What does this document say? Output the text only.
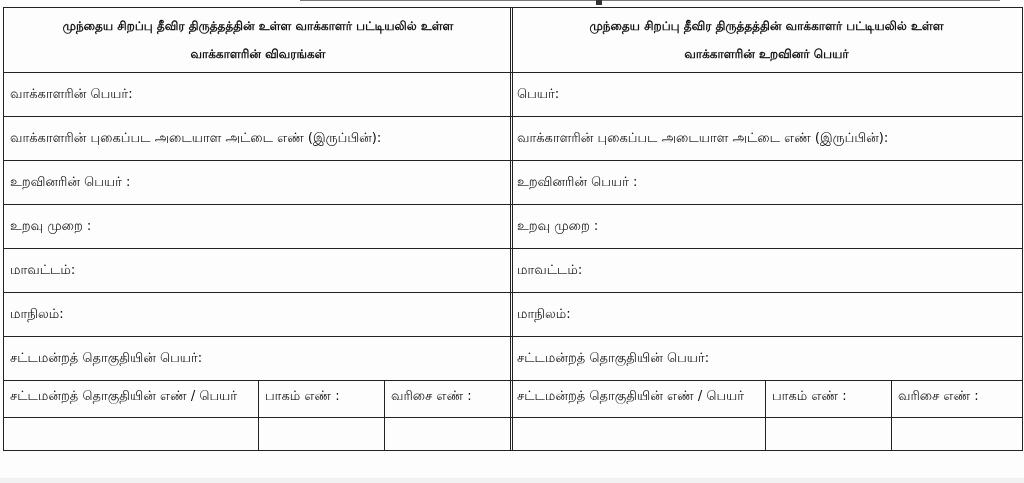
முந்தைய சிறப்பு தீவிர திருத்தத்தின் உள்ள வாக்காளர் பட்டியலில் உள்ள
வாக்காளரின் விவரங்கள்		
வாக்காளரின் பெயர்:		
வாக்காளரின் புகைப்பட அடையாள அட்டை எண் (இருப்பின்):		
உறவினரின் பெயர் :		
உறவு முறை :		
மாவட்டம்:		
மாநிலம்:		
சட்டமன்றத் தொகுதியின் பெயர்:		
சட்டமன்றத் தொகுதியின் எண் / பெயர்	பாகம் எண் :	வரிசை எண் :

முந்தைய சிறப்பு தீவிர திருத்தத்தின் வாக்காளர் பட்டியலில் உள்ள
வாக்காளரின் உறவினர் பெயர்		
பெயர்:		
வாக்காளரின் புகைப்பட அடையாள அட்டை எண் (இருப்பின்):		
உறவினரின் பெயர் :		
உறவு முறை :		
மாவட்டம்:		
மாநிலம்:		
சட்டமன்றத் தொகுதியின் பெயர்:		
சட்டமன்றத் தொகுதியின் எண் / பெயர்	பாகம் எண் :	வரிசை எண் :
